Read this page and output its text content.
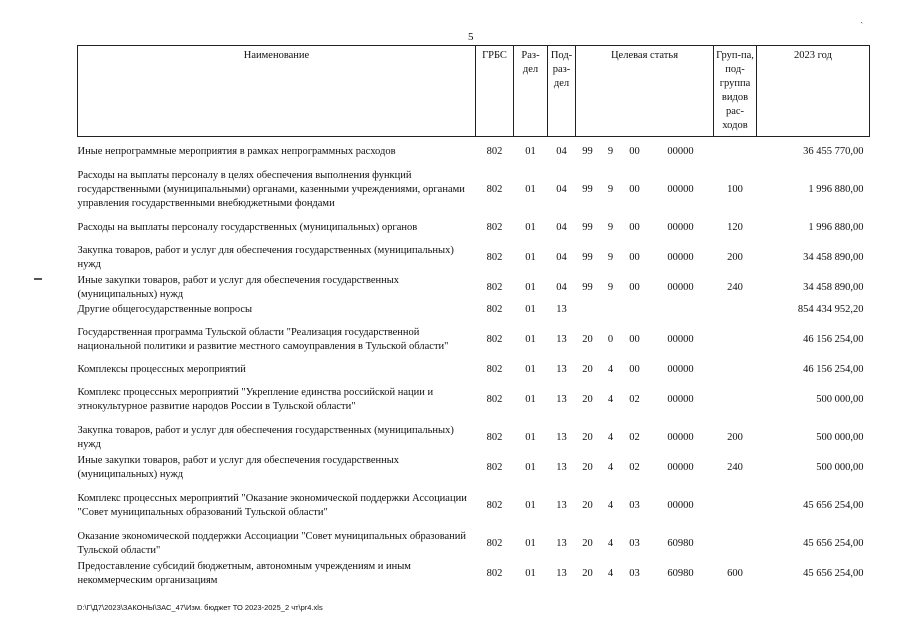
5
ˏ
Наименование	ГРБС	Раз-дел	Под-раз-дел	Целевая статья				Груп-па, под-группа видов рас-ходов	2023 год
Иные непрограммные мероприятия в рамках непрограммных расходов	802	01	04	99	9	00	00000		36 455 770,00
Расходы на выплаты персоналу в целях обеспечения выполнения функций государственными (муниципальными) органами, казенными учреждениями, органами управления государственными внебюджетными фондами	802	01	04	99	9	00	00000	100	1 996 880,00
Расходы на выплаты персоналу государственных (муниципальных) органов	802	01	04	99	9	00	00000	120	1 996 880,00
Закупка товаров, работ и услуг для обеспечения государственных (муниципальных) нужд	802	01	04	99	9	00	00000	200	34 458 890,00
Иные закупки товаров, работ и услуг для обеспечения государственных (муниципальных) нужд	802	01	04	99	9	00	00000	240	34 458 890,00
Другие общегосударственные вопросы	802	01	13						854 434 952,20
Государственная программа Тульской области "Реализация государственной национальной политики и развитие местного самоуправления в Тульской области"	802	01	13	20	0	00	00000		46 156 254,00
Комплексы процессных мероприятий	802	01	13	20	4	00	00000		46 156 254,00
Комплекс процессных мероприятий "Укрепление единства российской нации и этнокультурное развитие народов России в Тульской области"	802	01	13	20	4	02	00000		500 000,00
Закупка товаров, работ и услуг для обеспечения государственных (муниципальных) нужд	802	01	13	20	4	02	00000	200	500 000,00
Иные закупки товаров, работ и услуг для обеспечения государственных (муниципальных) нужд	802	01	13	20	4	02	00000	240	500 000,00
Комплекс процессных мероприятий "Оказание экономической поддержки Ассоциации "Совет муниципальных образований Тульской области"	802	01	13	20	4	03	00000		45 656 254,00
Оказание экономической поддержки Ассоциации "Совет муниципальных образований Тульской области"	802	01	13	20	4	03	60980		45 656 254,00
Предоставление субсидий бюджетным, автономным учреждениям и иным некоммерческим организациям	802	01	13	20	4	03	60980	600	45 656 254,00
D:\Г\Д7\2023\ЗАКОНЫ\ЗАС_47\Изм. бюджет ТО 2023-2025_2 чт\рr4.xls
